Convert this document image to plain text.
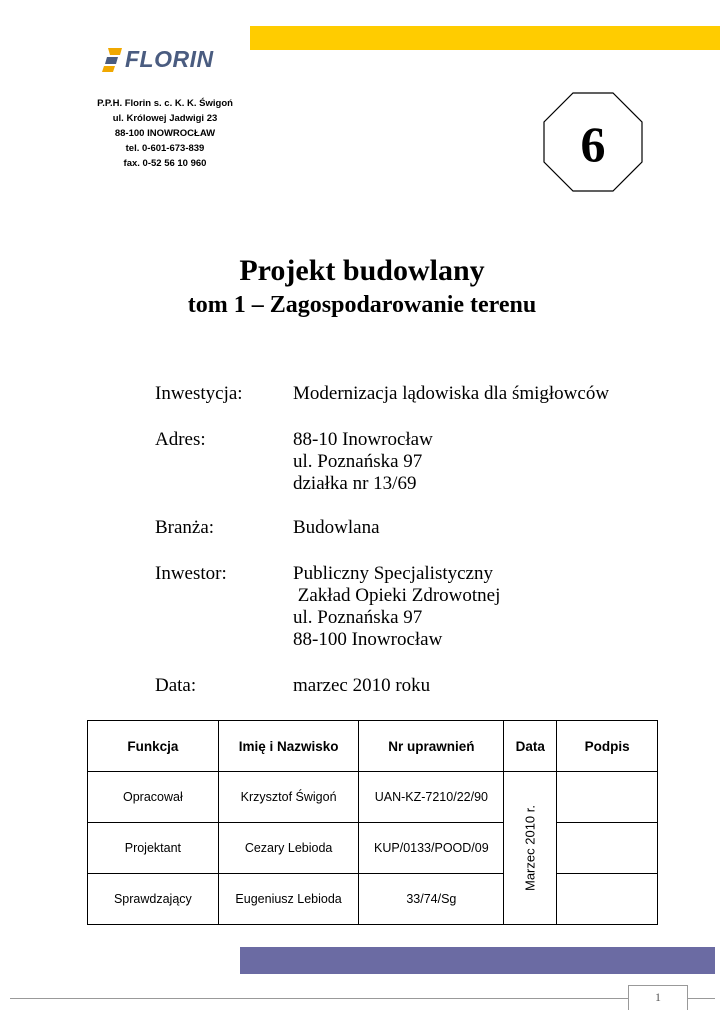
FLORIN
P.P.H. Florin s. c. K. K. Świgoń
ul. Królowej Jadwigi 23
88-100 INOWROCŁAW
tel. 0-601-673-839
fax. 0-52 56 10 960	6
Projekt budowlany
tom 1 – Zagospodarowanie terenu
Inwestycja:	Modernizacja lądowiska dla śmigłowców
Adres:	88-10 Inowrocław
ul. Poznańska 97
działka nr 13/69
Branża:	Budowlana
Inwestor:	Publiczny Specjalistyczny
Zakład Opieki Zdrowotnej
ul. Poznańska 97
88-100 Inowrocław
Data:	marzec 2010 roku
Funkcja	Imię i Nazwisko	Nr uprawnień	Data	Podpis
Opracował	Krzysztof Świgoń	UAN-KZ-7210/22/90	Marzec 2010 r.	

Projektant	Cezary Lebioda	KUP/0133/POOD/09		
Sprawdzający	Eugeniusz Lebioda	33/74/Sg		
1
